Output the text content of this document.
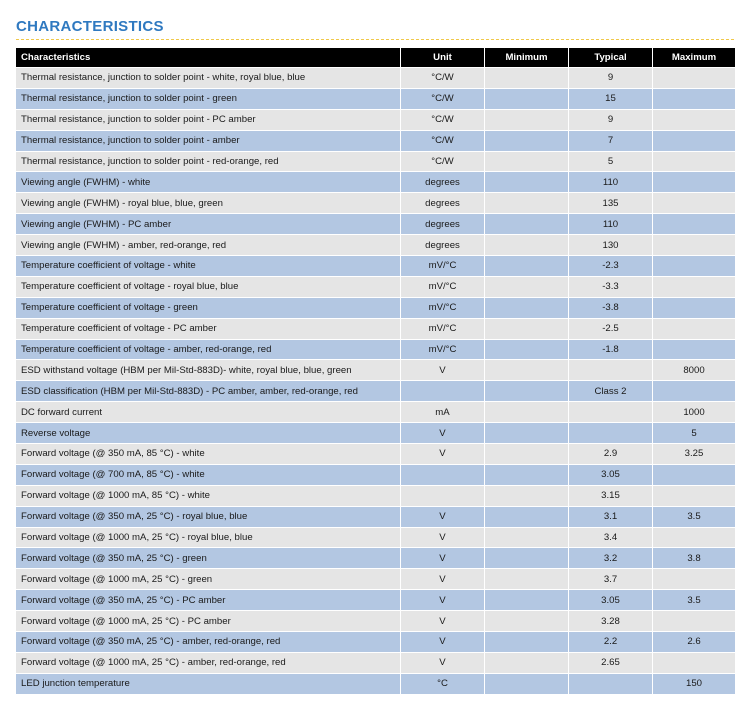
CHARACTERISTICS
Characteristics	Unit	Minimum	Typical	Maximum
Thermal resistance, junction to solder point - white, royal blue, blue	°C/W		9	
Thermal resistance, junction to solder point - green	°C/W		15	
Thermal resistance, junction to solder point - PC amber	°C/W		9	
Thermal resistance, junction to solder point - amber	°C/W		7	
Thermal resistance, junction to solder point - red-orange, red	°C/W		5	
Viewing angle (FWHM) - white	degrees		110	
Viewing angle (FWHM) - royal blue, blue, green	degrees		135	
Viewing angle (FWHM) - PC amber	degrees		110	
Viewing angle (FWHM) - amber, red-orange, red	degrees		130	
Temperature coefficient of voltage - white	mV/°C		-2.3	
Temperature coefficient of voltage - royal blue, blue	mV/°C		-3.3	
Temperature coefficient of voltage - green	mV/°C		-3.8	
Temperature coefficient of voltage - PC amber	mV/°C		-2.5	
Temperature coefficient of voltage - amber, red-orange, red	mV/°C		-1.8	
ESD withstand voltage (HBM per Mil-Std-883D)- white, royal blue, blue, green	V			8000
ESD classification (HBM per Mil-Std-883D) - PC amber, amber, red-orange, red			Class 2	
DC forward current	mA			1000
Reverse voltage	V			5
Forward voltage (@ 350 mA, 85 °C) - white	V		2.9	3.25
Forward voltage (@ 700 mA, 85 °C) - white			3.05	
Forward voltage (@ 1000 mA, 85 °C) - white			3.15	
Forward voltage (@ 350 mA, 25 °C) - royal blue, blue	V		3.1	3.5
Forward voltage (@ 1000 mA, 25 °C) - royal blue, blue	V		3.4	
Forward voltage (@ 350 mA, 25 °C) - green	V		3.2	3.8
Forward voltage (@ 1000 mA, 25 °C) - green	V		3.7	
Forward voltage (@ 350 mA, 25 °C) - PC amber	V		3.05	3.5
Forward voltage (@ 1000 mA, 25 °C) - PC amber	V		3.28	
Forward voltage (@ 350 mA, 25 °C) - amber, red-orange, red	V		2.2	2.6
Forward voltage (@ 1000 mA, 25 °C) - amber, red-orange, red	V		2.65	
LED junction temperature	°C			150
